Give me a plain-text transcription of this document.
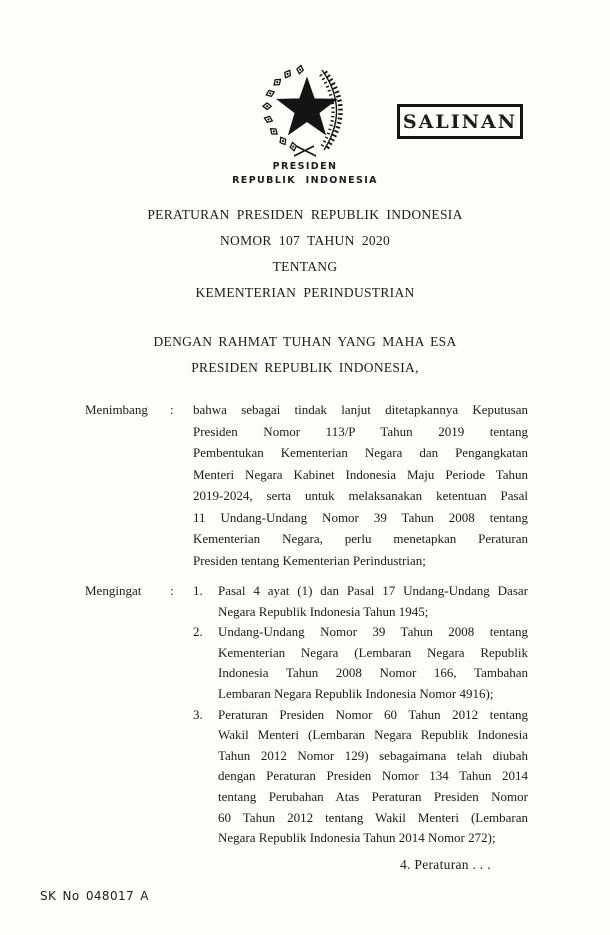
SALINAN
PRESIDEN
REPUBLIK INDONESIA
PERATURAN PRESIDEN REPUBLIK INDONESIA
NOMOR 107 TAHUN 2020
TENTANG
KEMENTERIAN PERINDUSTRIAN
DENGAN RAHMAT TUHAN YANG MAHA ESA
PRESIDEN REPUBLIK INDONESIA,
Menimbang	:	bahwa sebagai tindak lanjut ditetapkannya Keputusan
Presiden Nomor 113/P Tahun 2019 tentang
Pembentukan Kementerian Negara dan Pengangkatan
Menteri Negara Kabinet Indonesia Maju Periode Tahun
2019-2024, serta untuk melaksanakan ketentuan Pasal
11 Undang-Undang Nomor 39 Tahun 2008 tentang
Kementerian Negara, perlu menetapkan Peraturan
Presiden tentang Kementerian Perindustrian;
Mengingat	:	1.	Pasal 4 ayat (1) dan Pasal 17 Undang-Undang Dasar
Negara Republik Indonesia Tahun 1945;
2.	Undang-Undang Nomor 39 Tahun 2008 tentang
Kementerian Negara (Lembaran Negara Republik
Indonesia Tahun 2008 Nomor 166, Tambahan
Lembaran Negara Republik Indonesia Nomor 4916);
3.	Peraturan Presiden Nomor 60 Tahun 2012 tentang
Wakil Menteri (Lembaran Negara Republik Indonesia
Tahun 2012 Nomor 129) sebagaimana telah diubah
dengan Peraturan Presiden Nomor 134 Tahun 2014
tentang Perubahan Atas Peraturan Presiden Nomor
60 Tahun 2012 tentang Wakil Menteri (Lembaran
Negara Republik Indonesia Tahun 2014 Nomor 272);
4. Peraturan . . .
SK No 048017 A
